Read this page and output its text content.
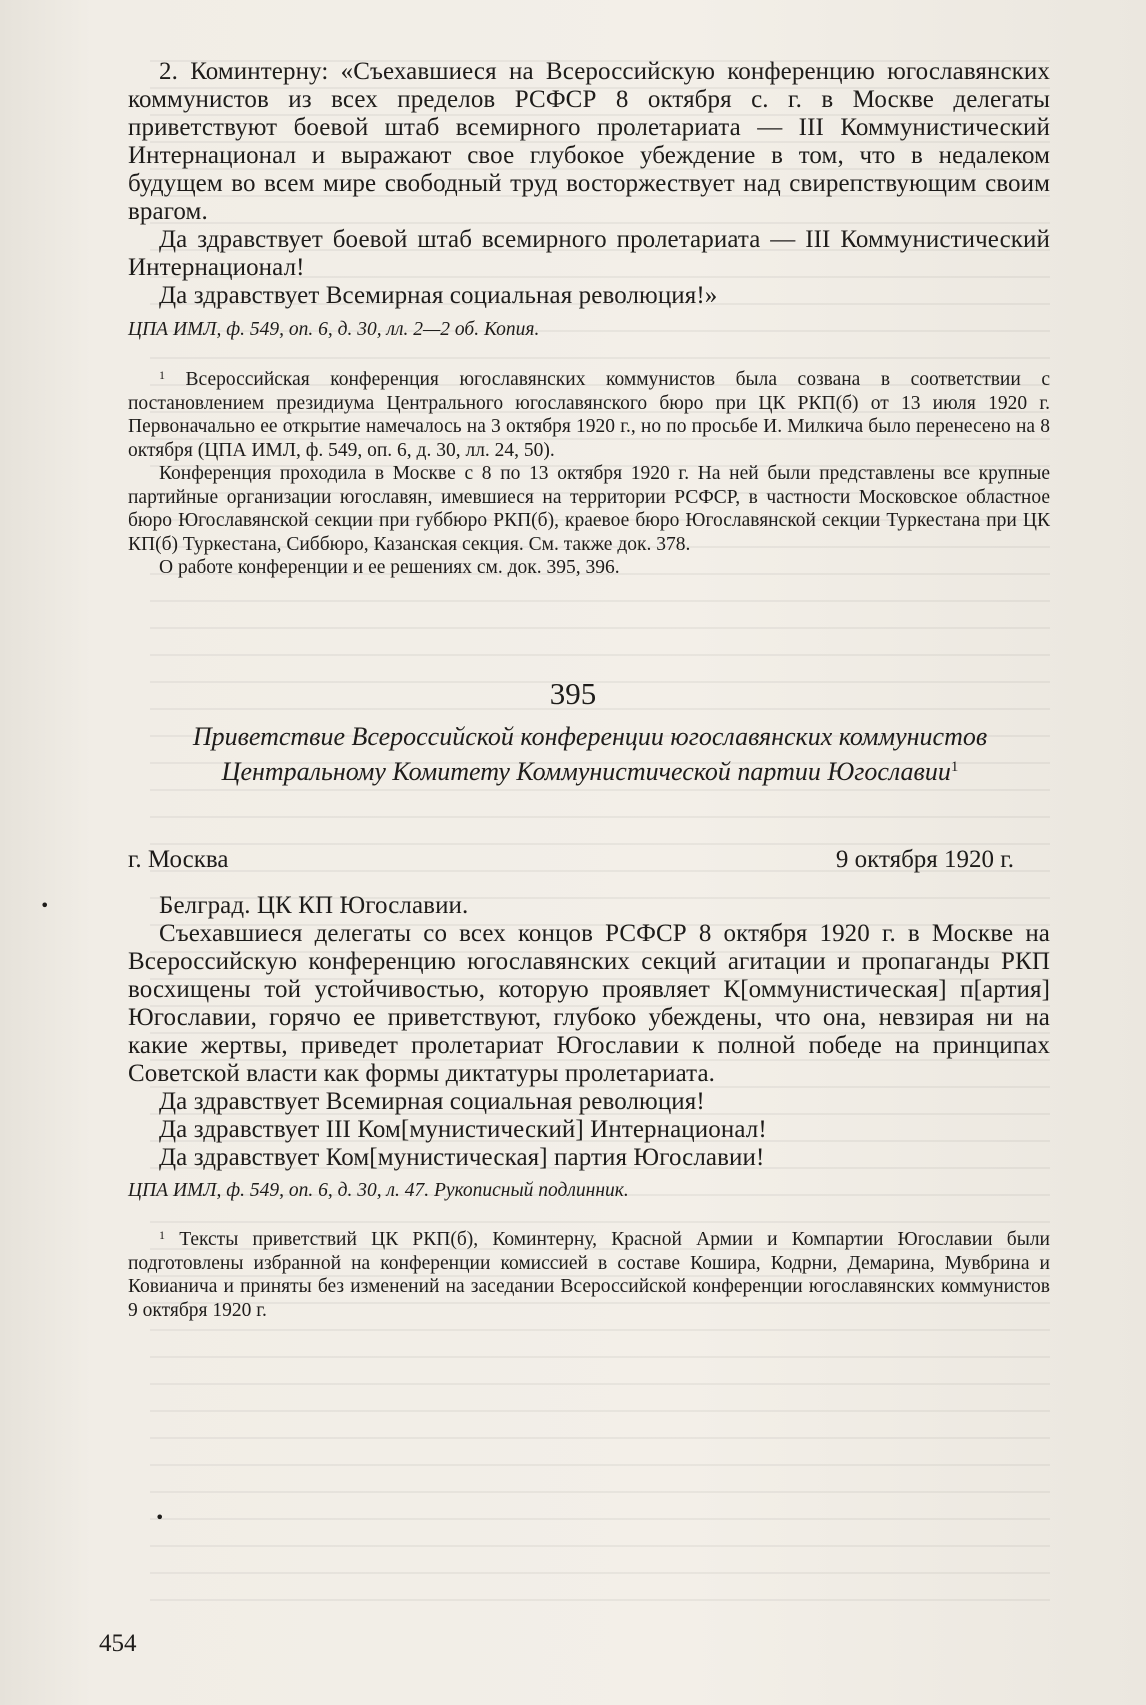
2. Коминтерну: «Съехавшиеся на Всероссийскую конференцию югославянских коммунистов из всех пределов РСФСР 8 октября с. г. в Москве делегаты приветствуют боевой штаб всемирного пролетариата — III Коммунистический Интернационал и выражают свое глубокое убеждение в том, что в недалеком будущем во всем мире свободный труд восторжествует над свирепствующим своим врагом.

Да здравствует боевой штаб всемирного пролетариата — III Коммунистический Интернационал!

Да здравствует Всемирная социальная революция!»

ЦПА ИМЛ, ф. 549, оп. 6, д. 30, лл. 2—2 об. Копия.

$^1$ Всероссийская конференция югославянских коммунистов была созвана в соответствии с постановлением президиума Центрального югославянского бюро при ЦК РКП(б) от 13 июля 1920 г. Первоначально ее открытие намечалось на 3 октября 1920 г., но по просьбе И. Милкича было перенесено на 8 октября (ЦПА ИМЛ, ф. 549, оп. 6, д. 30, лл. 24, 50).

Конференция проходила в Москве с 8 по 13 октября 1920 г. На ней были представлены все крупные партийные организации югославян, имевшиеся на территории РСФСР, в частности Московское областное бюро Югославянской секции при губбюро РКП(б), краевое бюро Югославянской секции Туркестана при ЦК КП(б) Туркестана, Сиббюро, Казанская секция. См. также док. 378.

О работе конференции и ее решениях см. док. 395, 396.

395

Приветствие Всероссийской конференции югославянских коммунистов Центральному Комитету Коммунистической партии Югославии$^1$

г. Москва	9 октября 1920 г.

Белград. ЦК КП Югославии.

Съехавшиеся делегаты со всех концов РСФСР 8 октября 1920 г. в Москве на Всероссийскую конференцию югославянских секций агитации и пропаганды РКП восхищены той устойчивостью, которую проявляет К[оммунистическая] п[артия] Югославии, горячо ее приветствуют, глубоко убеждены, что она, невзирая ни на какие жертвы, приведет пролетариат Югославии к полной победе на принципах Советской власти как формы диктатуры пролетариата.

Да здравствует Всемирная социальная революция!

Да здравствует III Ком[мунистический] Интернационал!

Да здравствует Ком[мунистическая] партия Югославии!

ЦПА ИМЛ, ф. 549, оп. 6, д. 30, л. 47. Рукописный подлинник.

$^1$ Тексты приветствий ЦК РКП(б), Коминтерну, Красной Армии и Компартии Югославии были подготовлены избранной на конференции комиссией в составе Кошира, Кодрни, Демарина, Мувбрина и Ковианича и приняты без изменений на заседании Всероссийской конференции югославянских коммунистов 9 октября 1920 г.

•
•
454
